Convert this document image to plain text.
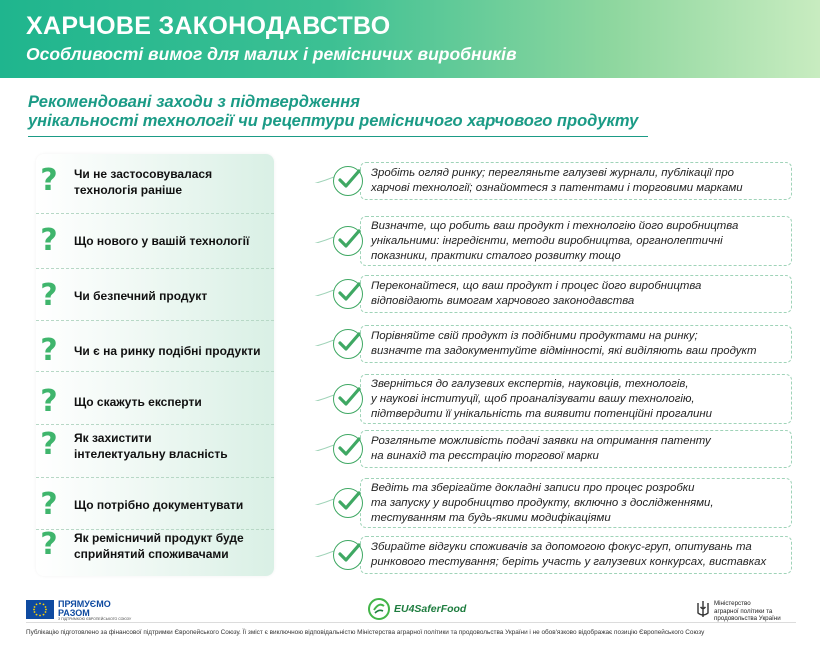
ХАРЧОВЕ ЗАКОНОДАВСТВО
Особливості вимог для малих і ремісничих виробників
Рекомендовані заходи з підтвердження
унікальності технології чи рецептури ремісничого харчового продукту
? Чи не застосовувалася
технологія раніше
Зробіть огляд ринку; перегляньте галузеві журнали, публікації про
харчові технології; ознайомтеся з патентами і торговими марками
? Що нового у вашій технології
Визначте, що робить ваш продукт і технологію його виробництва
унікальними: інгредієнти, методи виробництва, органолептичні
показники, практики сталого розвитку тощо
? Чи безпечний продукт
Переконайтеся, що ваш продукт і процес його виробництва
відповідають вимогам харчового законодавства
? Чи є на ринку подібні продукти
Порівняйте свій продукт із подібними продуктами на ринку;
визначте та задокументуйте відмінності, які виділяють ваш продукт
? Що скажуть експерти
Зверніться до галузевих експертів, науковців, технологів,
у наукові інституції, щоб проаналізувати вашу технологію,
підтвердити її унікальність та виявити потенційні прогалини
? Як захистити
інтелектуальну власність
Розгляньте можливість подачі заявки на отримання патенту
на винахід та реєстрацію торгової марки
? Що потрібно документувати
Ведіть та зберігайте докладні записи про процес розробки
та запуску у виробництво продукту, включно з дослідженнями,
тестуванням та будь-якими модифікаціями
? Як ремісничий продукт буде
сприйнятий споживачами	Збирайте відгуки споживачів за допомогою фокус-груп, опитувань та
ринкового тестування; беріть участь у галузевих конкурсах, виставках
ПРЯМУЄМО
РАЗОМ
З ПІДТРИМКОЮ ЄВРОПЕЙСЬКОГО СОЮЗУ
EU4SaferFood	Міністерство
аграрної політики та
продовольства України
Публікацію підготовлено за фінансової підтримки Європейського Союзу. Її зміст є виключною відповідальністю Міністерства аграрної політики та продовольства України і не обов'язково відображає позицію Європейського Союзу
